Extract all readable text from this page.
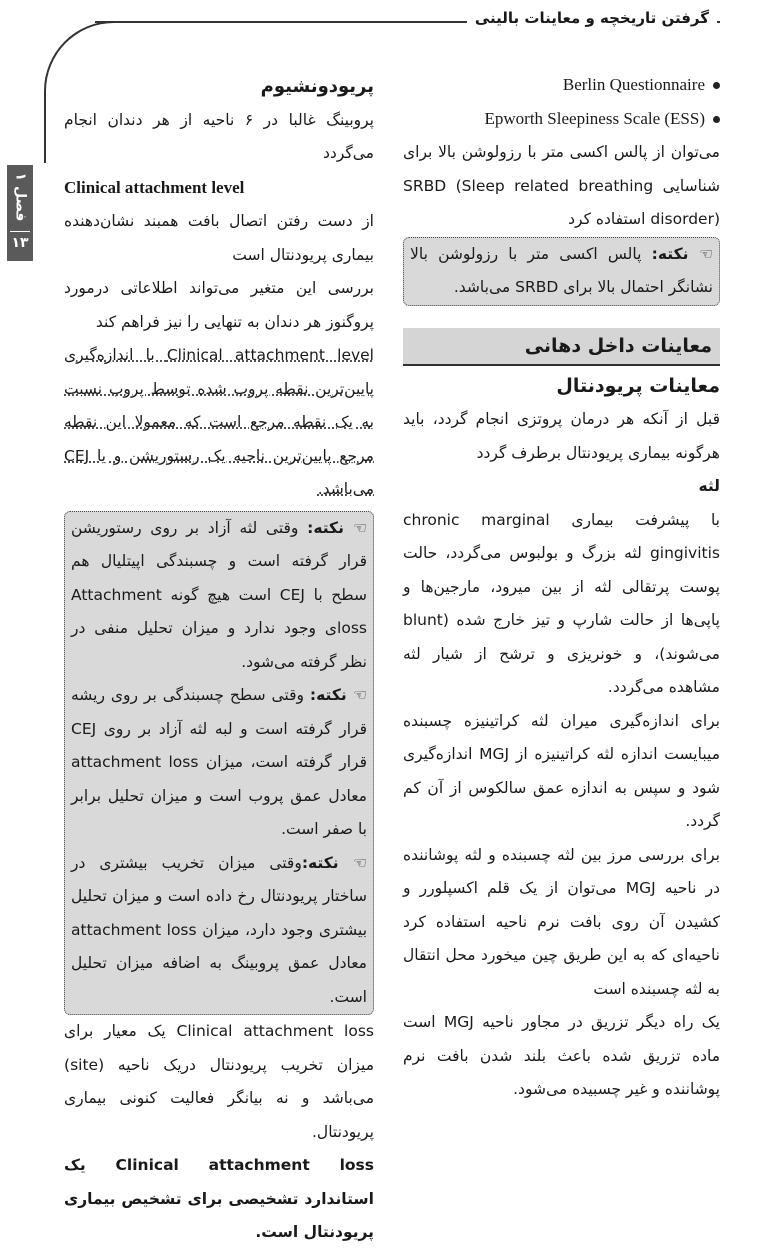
گرفتن تاریخچه و معاینات بالینی
فصل ۱
۱۳
Berlin Questionnaire
Epworth Sleepiness Scale (ESS)

می‌توان از پالس اکسی متر با رزولوشن بالا برای شناسایی SRBD (Sleep related breathing disorder) استفاده کرد

☜ نکته: پالس اکسی متر با رزولوشن بالا نشانگر احتمال بالا برای SRBD می‌باشد.
معاینات داخل دهانی
معاینات پریودنتال

قبل از آنکه هر درمان پروتزی انجام گردد، باید هرگونه بیماری پریودنتال برطرف گردد

لثه

با پیشرفت بیماری chronic marginal gingivitis لثه بزرگ و بولبوس می‌گردد، حالت پوست پرتقالی لثه از بین میرود، مارجین‌ها و پاپی‌ها از حالت شارپ و تیز خارج شده (blunt می‌شوند)، و خونریزی و ترشح از شیار لثه مشاهده می‌گردد.

برای اندازه‌گیری میران لثه کراتینیزه چسبنده میبایست اندازه لثه کراتینیزه از MGJ اندازه‌گیری شود و سپس به اندازه عمق سالکوس از آن کم گردد.

برای بررسی مرز بین لثه چسبنده و لثه پوشاننده در ناحیه MGJ می‌توان از یک قلم اکسپلورر و کشیدن آن روی بافت نرم ناحیه استفاده کرد ناحیه‌ای که به این طریق چین میخورد محل انتقال به لثه چسبنده است

یک راه دیگر تزریق در مجاور ناحیه MGJ است ماده تزریق شده باعث بلند شدن بافت نرم پوشاننده و غیر چسبیده می‌شود.

پریودونشیوم

پروبینگ غالبا در ۶ ناحیه از هر دندان انجام می‌گردد

Clinical attachment level

از دست رفتن اتصال بافت همبند نشان‌دهنده بیماری پریودنتال است

بررسی این متغیر می‌تواند اطلاعاتی درمورد پروگنوز هر دندان به تنهایی را نیز فراهم کند

Clinical attachment level با اندازه‌گیری پایین‌ترین نقطه پروب شده توسط پروب نسبت به یک نقطه مرجع است که معمولا این نقطه مرجع پایین‌ترین ناحیه یک رستوریشن و یا CEJ می‌باشد.

☜ نکته: وقتی لثه آزاد بر روی رستوریشن قرار گرفته است و چسبندگی اپیتلیال هم سطح با CEJ است هیچ گونه Attachment lossی وجود ندارد و میزان تحلیل منفی در نظر گرفته می‌شود.

☜ نکته: وقتی سطح چسبندگی بر روی ریشه قرار گرفته است و لبه لثه آزاد بر روی CEJ قرار گرفته است، میزان attachment loss معادل عمق پروب است و میزان تحلیل برابر با صفر است.

☜ نکته:وقتی میزان تخریب بیشتری در ساختار پریودنتال رخ داده است و میزان تحلیل بیشتری وجود دارد، میزان attachment loss معادل عمق پروبینگ به اضافه میزان تحلیل است.

Clinical attachment loss یک معیار برای میزان تخریب پریودنتال دریک ناحیه (site) می‌باشد و نه بیانگر فعالیت کنونی بیماری پریودنتال.

Clinical attachment loss یک استاندارد تشخیصی برای تشخیص بیماری پریودنتال است.
